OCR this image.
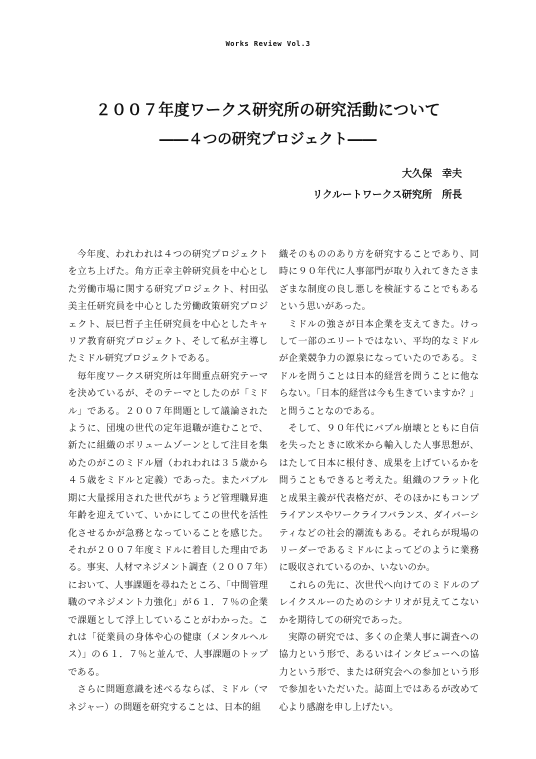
Works Review Vol.3
２００７年度ワークス研究所の研究活動について
――４つの研究プロジェクト――
大久保　幸夫
リクルートワークス研究所　所長

今年度、われわれは４つの研究プロジェクトを立ち上げた。角方正幸主幹研究員を中心とした労働市場に関する研究プロジェクト、村田弘美主任研究員を中心とした労働政策研究プロジェクト、辰巳哲子主任研究員を中心としたキャリア教育研究プロジェクト、そして私が主導したミドル研究プロジェクトである。

毎年度ワークス研究所は年間重点研究テーマを決めているが、そのテーマとしたのが「ミドル」である。２００７年問題として議論されたように、団塊の世代の定年退職が進むことで、新たに組織のボリュームゾーンとして注目を集めたのがこのミドル層（われわれは３５歳から４５歳をミドルと定義）であった。またバブル期に大量採用された世代がちょうど管理職昇進年齢を迎えていて、いかにしてこの世代を活性化させるかが急務となっていることを感じた。それが２００７年度ミドルに着目した理由である。事実、人材マネジメント調査（２００７年）において、人事課題を尋ねたところ、「中間管理職のマネジメント力強化」が６１．７％の企業で課題として浮上していることがわかった。これは「従業員の身体や心の健康（メンタルヘルス）」の６１．７％と並んで、人事課題のトップである。

さらに問題意識を述べるならば、ミドル（マネジャー）の問題を研究することは、日本的組

織そのもののあり方を研究することであり、同時に９０年代に人事部門が取り入れてきたさまざまな制度の良し悪しを検証することでもあるという思いがあった。

ミドルの強さが日本企業を支えてきた。けっして一部のエリートではない、平均的なミドルが企業競争力の源泉になっていたのである。ミドルを問うことは日本的経営を問うことに他ならない。「日本的経営は今も生きていますか？」と問うことなのである。

そして、９０年代にバブル崩壊とともに自信を失ったときに欧米から輸入した人事思想が、はたして日本に根付き、成果を上げているかを問うこともできると考えた。組織のフラット化と成果主義が代表格だが、そのほかにもコンプライアンスやワークライフバランス、ダイバーシティなどの社会的潮流もある。それらが現場のリーダーであるミドルによってどのように業務に吸収されているのか、いないのか。

これらの先に、次世代へ向けてのミドルのブレイクスルーのためのシナリオが見えてこないかを期待しての研究であった。

実際の研究では、多くの企業人事に調査への協力という形で、あるいはインタビューへの協力という形で、または研究会への参加という形で参加をいただいた。誌面上ではあるが改めて心より感謝を申し上げたい。
